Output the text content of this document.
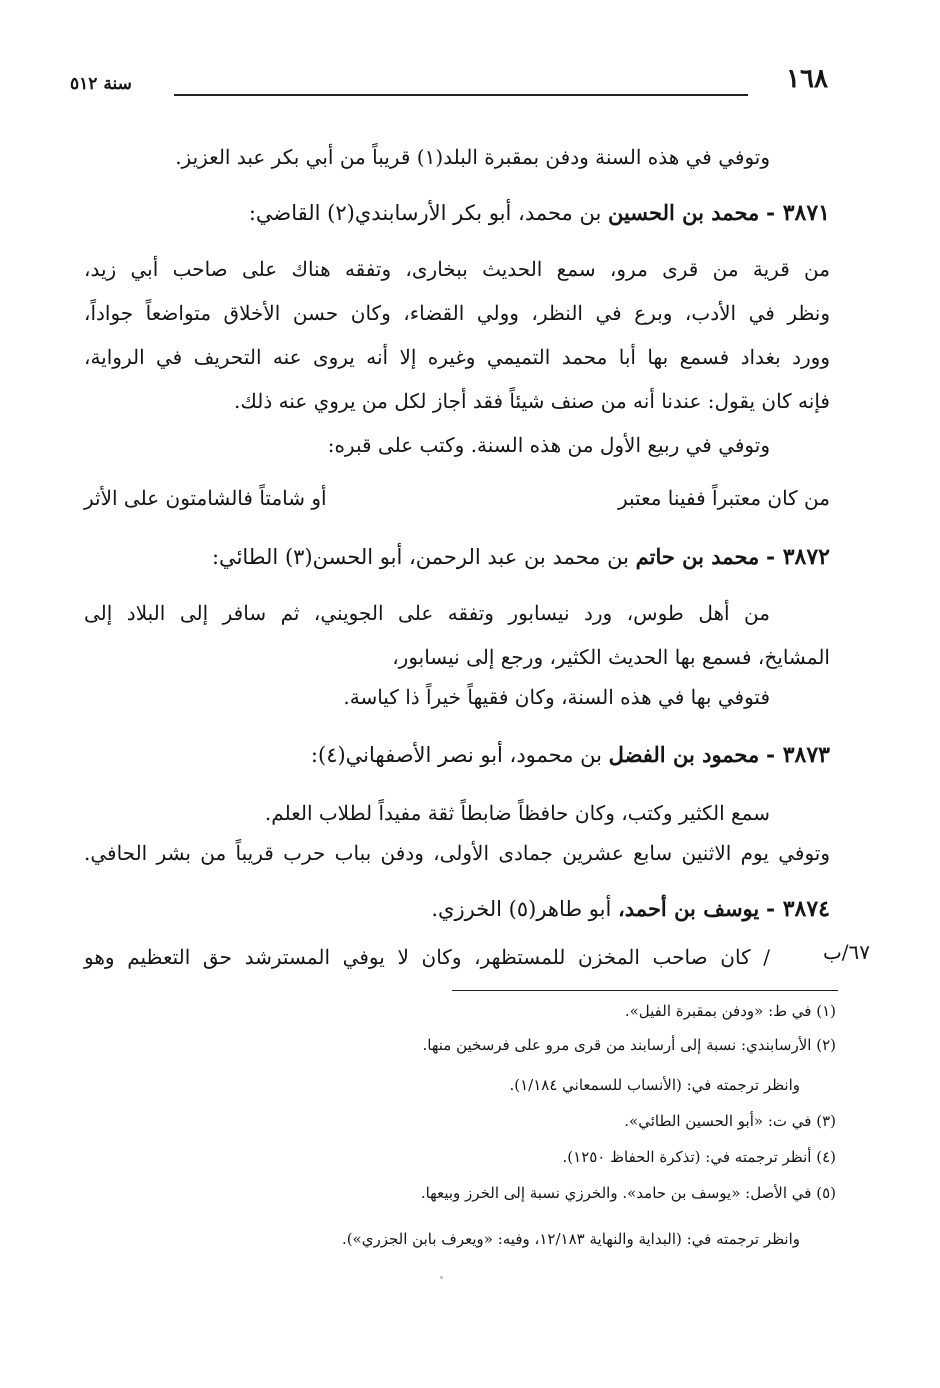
١٦٨
سنة ٥١٢
وتوفي في هذه السنة ودفن بمقبرة البلد(١) قريباً من أبي بكر عبد العزيز.
٣٨٧١ - محمد بن الحسين بن محمد، أبو بكر الأرسابندي(٢) القاضي:
من قرية من قرى مرو، سمع الحديث ببخارى، وتفقه هناك على صاحب أبي زيد،
ونظر في الأدب، وبرع في النظر، وولي القضاء، وكان حسن الأخلاق متواضعاً جواداً،
وورد بغداد فسمع بها أبا محمد التميمي وغيره إلا أنه يروى عنه التحريف في الرواية،
فإنه كان يقول: عندنا أنه من صنف شيئاً فقد أجاز لكل من يروي عنه ذلك.
وتوفي في ربيع الأول من هذه السنة. وكتب على قبره:
من كان معتبراً ففينا معتبر
أو شامتاً فالشامتون على الأثر
٣٨٧٢ - محمد بن حاتم بن محمد بن عبد الرحمن، أبو الحسن(٣) الطائي:
من أهل طوس، ورد نيسابور وتفقه على الجويني، ثم سافر إلى البلاد إلى
المشايخ، فسمع بها الحديث الكثير، ورجع إلى نيسابور،
فتوفي بها في هذه السنة، وكان فقيهاً خيراً ذا كياسة.
٣٨٧٣ - محمود بن الفضل بن محمود، أبو نصر الأصفهاني(٤):
سمع الكثير وكتب، وكان حافظاً ضابطاً ثقة مفيداً لطلاب العلم.
وتوفي يوم الاثنين سابع عشرين جمادى الأولى، ودفن بباب حرب قريباً من بشر الحافي.
٣٨٧٤ - يوسف بن أحمد، أبو طاهر(٥) الخرزي.
٦٧/ب
/ كان صاحب المخزن للمستظهر، وكان لا يوفي المسترشد حق التعظيم وهو
(١) في ط: «ودفن بمقبرة الفيل».
(٢) الأرسابندي: نسبة إلى أرسابند من قرى مرو على فرسخين منها.
وانظر ترجمته في: (الأنساب للسمعاني ١/١٨٤).
(٣) في ت: «أبو الحسين الطائي».
(٤) أنظر ترجمته في: (تذكرة الحفاظ ١٢٥٠).
(٥) في الأصل: «يوسف بن حامد». والخرزي نسبة إلى الخرز وبيعها.
وانظر ترجمته في: (البداية والنهاية ١٢/١٨٣، وفيه: «ويعرف بابن الجزري»).
